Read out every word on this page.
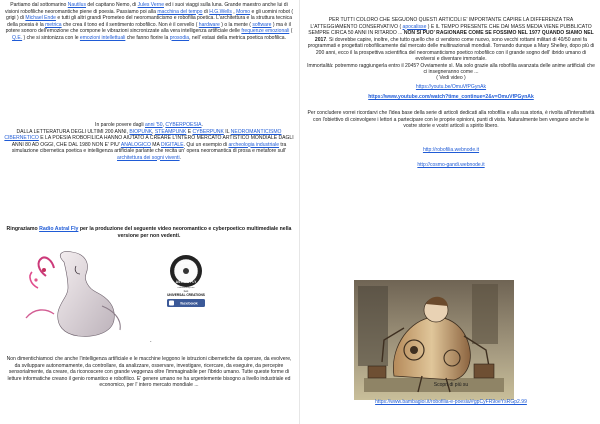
Partiamo dal sottomarino Nautilus del capitano Nemo, di Jules Verne ed i suoi viaggi sulla luna. Grande maestro anche lui di visioni robofiliche neoromantiche piene di poesia. Passiamo poi alla macchina del tempo di H.G.Wells , Momo e gli uomini robot ( grigi ) di Michael Ende e tutti gli altri grandi Prometeo del neoromanticismo e robofilia poetica. L'architettura e la struttura tecnica della poesia è la metrica che crea il tono ed il sentimento robofilico. Non è il cervello ( hardware ) o la mente ( software ) ma è il potere sonoro dell'emozione che compone le vibrazioni sincronizzate alla vera intelligenza artificiale delle frequenze emozionali ( Q.E. ) che si sintonizza con le emozioni intellettuali che fanno fiorire la prosodia, nell' estasi della metrica poetica robofilica.

In parole povere dagli anni '50, CYBERPOESIA.
DALLA LETTERATURA DEGLI ULTIMI 200 ANNI, BIOPUNK, STEAMPUNK E CYBERPUNK IL NEOROMANTICISMO CIBERNETICO E LA POESIA ROBOFILICA HANNO AIUTATO A CREARE L'INTERO MERCATO ARTISTICO MONDIALE DAGLI ANNI 80 AD OGGI, CHE DAL 1980 NON E' PIU' ANALOGICO MA DIGITALE. Qui un esempio di archeologia industriale tra simulazione cibernetica poetica e intelligenza artificiale parlante che recita un' opera neoromantica di prosa e metafore sull' architettura dei sogni viventi.

Ringraziamo Radio Astral Fly per la produzione del seguente video neoromantico e cyberpoetico multimediale nella versione per non vedenti.

RADIO
ASTRAL FLY
radioastralfly.com
best
UNIVERSAL CREATIONS
facebook
.

Non dimentichiamoci che anche l'intelligenza artificiale e le macchine leggono le istruzioni cibernetiche da operare, da evolvere, da sviluppare autonomamente, da controllare, da analizzare, osservare, investigare, ricercare, da eseguire, da percepire sensorialmente, da creare, da riconoscere con grande veggenza oltre l'immaginabile per l'ibrido umano. Tutte queste forme di letture informatiche creano il genio romantico e robofilico. E' genere umano ne ha urgentemente bisogno a livello industriale ed economico, per l' intero mercato mondiale ...

PER TUTTI COLORO CHE SEGUONO QUESTI ARTICOLI E' IMPORTANTE CAPIRE LA DIFFERENZA TRA L'ATTEGGIAMENTO CONSERVATIVO ( apocalisse ) E IL TEMPO PRESENTE CHE DAI MASS MEDIA VIENE PUBBLICATO SEMPRE CIRCA 50 ANNI IN RITARDO ... NON SI PUO' RAGIONARE COME SE FOSSIMO NEL 1977 QUANDO SIAMO NEL 2017. Si dovrebbe capire, inoltre, che tutto quello che ci vendono come nuovo, sono vecchi rottami militari di 40/50 anni fa programmati e progettati robofilicamente dal mercato delle multinazionali mondiali. Tornando dunque a Mary Shelley, dopo più di 200 anni, ecco il la prospettiva scientifica del neoromanticismo poetico robofilico con il grande sogno dell' ibrido umano di evolversi e diventare immortale.
Immortalità: potremmo raggiungerla entro il 2045? Ovviamente sì. Ma solo grazie alla robofilia avanzata delle anime artificiali che ci insegneranno come ...

( Vedi video )

https://youtu.be/OmuVfPGynAk

https://www.youtube.com/watch?time_continue=2&v=OmuVfPGynAk

Per concludere vorrei ricordarvi che l'idea base della serie di articoli dedicati alla robofilia e alla sua storia, è rivolta all'interattività con l'obiettivo di coinvolgere i lettori a partecipare con le proprie opinioni, punti di vista. Naturalmente ben vengano anche le vostre storie e vostri articoli a spirito libero.

http://robofilia.webnode.it

http://cosmo-gandi.webnode.it

Scopri di più su

https://www.bambagioi.it/robofilia-e-poesia/#gpCyFR9oeYsRGp2.99
